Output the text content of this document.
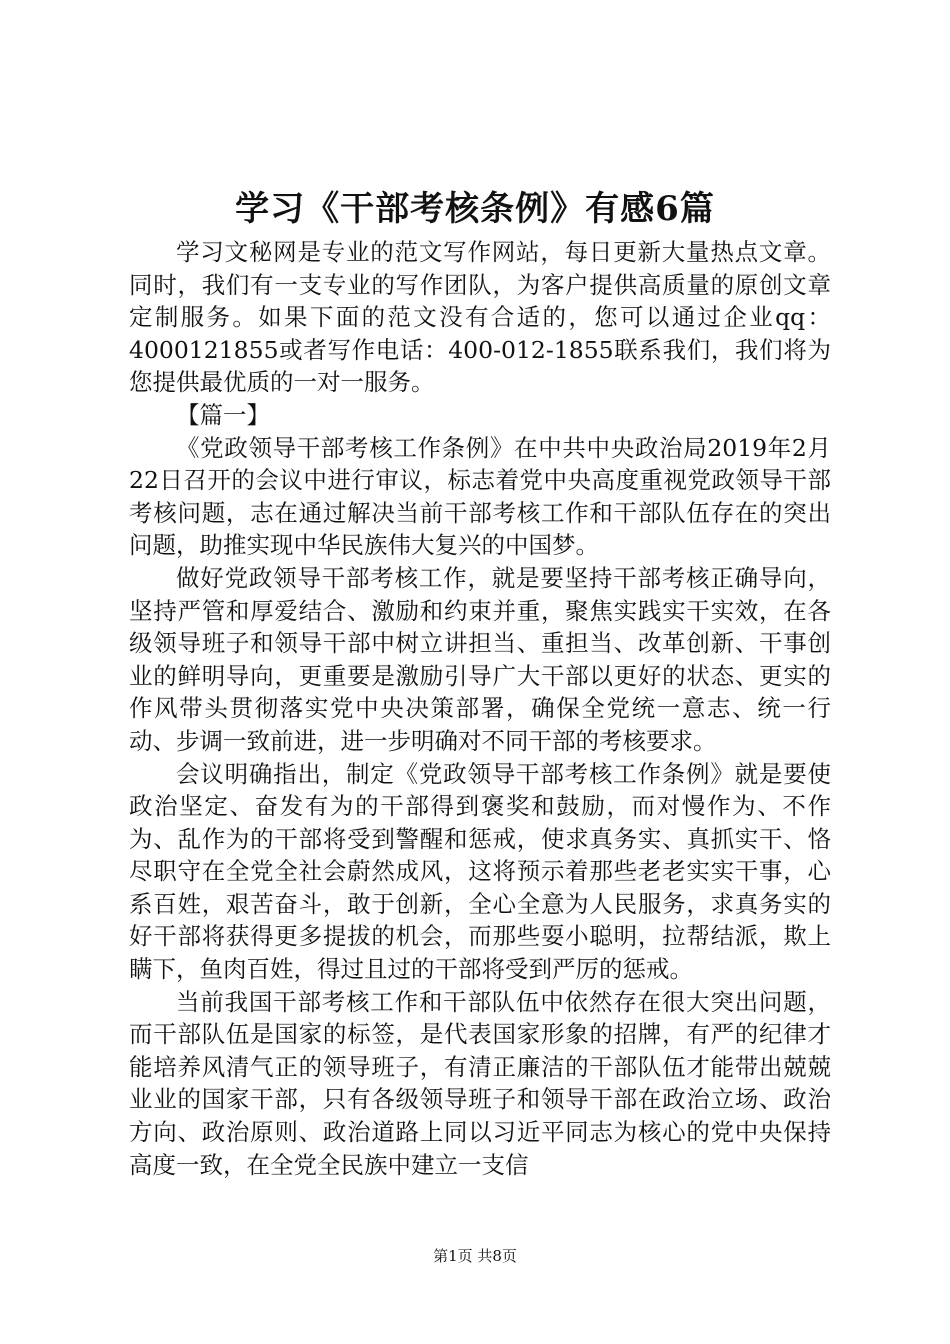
学习《干部考核条例》有感6篇

学习文秘网是专业的范文写作网站，每日更新大量热点文章。同时，我们有一支专业的写作团队，为客户提供高质量的原创文章定制服务。如果下面的范文没有合适的，您可以通过企业qq：4000121855或者写作电话：400-012-1855联系我们，我们将为您提供最优质的一对一服务。

【篇一】

《党政领导干部考核工作条例》在中共中央政治局2019年2月22日召开的会议中进行审议，标志着党中央高度重视党政领导干部考核问题，志在通过解决当前干部考核工作和干部队伍存在的突出问题，助推实现中华民族伟大复兴的中国梦。

做好党政领导干部考核工作，就是要坚持干部考核正确导向，坚持严管和厚爱结合、激励和约束并重，聚焦实践实干实效，在各级领导班子和领导干部中树立讲担当、重担当、改革创新、干事创业的鲜明导向，更重要是激励引导广大干部以更好的状态、更实的作风带头贯彻落实党中央决策部署，确保全党统一意志、统一行动、步调一致前进，进一步明确对不同干部的考核要求。

会议明确指出，制定《党政领导干部考核工作条例》就是要使政治坚定、奋发有为的干部得到褒奖和鼓励，而对慢作为、不作为、乱作为的干部将受到警醒和惩戒，使求真务实、真抓实干、恪尽职守在全党全社会蔚然成风，这将预示着那些老老实实干事，心系百姓，艰苦奋斗，敢于创新，全心全意为人民服务，求真务实的好干部将获得更多提拔的机会，而那些耍小聪明，拉帮结派，欺上瞒下，鱼肉百姓，得过且过的干部将受到严厉的惩戒。

当前我国干部考核工作和干部队伍中依然存在很大突出问题，而干部队伍是国家的标签，是代表国家形象的招牌，有严的纪律才能培养风清气正的领导班子，有清正廉洁的干部队伍才能带出兢兢业业的国家干部，只有各级领导班子和领导干部在政治立场、政治方向、政治原则、政治道路上同以习近平同志为核心的党中央保持高度一致，在全党全民族中建立一支信

第1页 共8页
